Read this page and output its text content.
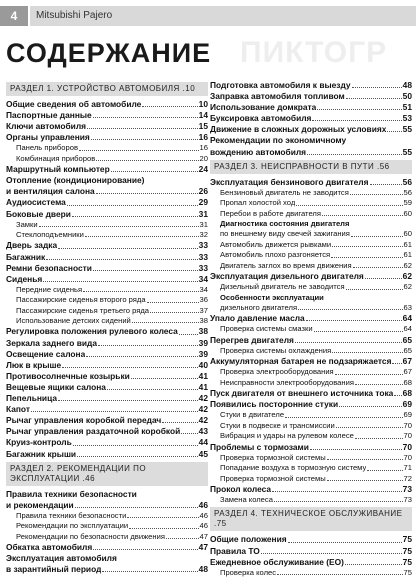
4	Mitsubishi Pajero
ПИКТОГР
СОДЕРЖАНИЕ
РАЗДЕЛ 1. УСТРОЙСТВО АВТОМОБИЛЯ .10
Общие сведения об автомобиле	10
Паспортные данные	14
Ключи автомобиля	15
Органы управления	16
Панель приборов	16
Комбинация приборов	20
Маршрутный компьютер	24
Отопление (кондиционирование)
и вентиляция салона	26
Аудиосистема	29
Боковые двери	31
Замки	31
Стеклоподъемники	32
Дверь задка	33
Багажник	33
Ремни безопасности	33
Сиденья	34
Передние сиденья	34
Пассажирские сиденья второго ряда	36
Пассажирские сиденья третьего ряда	37
Использование детских сидений	38
Регулировка положения рулевого колеса 38
Зеркала заднего вида	39
Освещение салона	39
Люк в крыше	40
Противосолнечные козырьки	41
Вещевые ящики салона	41
Пепельница	42
Капот	42
Рычаг управления коробкой передач	42
Рычаг управления раздаточной коробкой 43
Круиз-контроль	44
Багажник крыши	45
РАЗДЕЛ 2. РЕКОМЕНДАЦИИ ПО ЭКСПЛУАТАЦИИ .46
Правила техники безопасности
и рекомендации	46
Правила техники безопасности	46
Рекомендации по эксплуатации	46
Рекомендации по безопасности движения	47
Обкатка автомобиля	47
Эксплуатация автомобиля
в зарантийный период	48
Подготовка автомобиля к выезду	48
Заправка автомобиля топливом	50
Использование домкрата	51
Буксировка автомобиля	53
Движение в сложных дорожных условиях 55
Рекомендации по экономичному
вождению автомобиля	55
РАЗДЕЛ 3. НЕИСПРАВНОСТИ В ПУТИ .56
Эксплуатация бензинового двигателя	56
Бензиновый двигатель не заводится	56
Пропал холостой ход	59
Перебои в работе двигателя	60
Диагностика состояния двигателя
по внешнему виду свечей зажигания	60
Автомобиль движется рывками	61
Автомобиль плохо разгоняется	61
Двигатель заглох во время движения	62
Эксплуатация дизельного двигателя	62
Дизельный двигатель не заводится	62
Особенности эксплуатации
дизельного двигателя	63
Упало давление масла	64
Проверка системы смазки	64
Перегрев двигателя	65
Проверка системы охлаждения	65
Аккумуляторная батарея не подзаряжается 67
Проверка электрооборудования	67
Неисправности электрооборудования	68
Пуск двигателя от внешнего источника тока 68
Появились посторонние стуки	69
Стуки в двигателе	69
Стуки в подвеске и трансмиссии	70
Вибрация и удары на рулевом колесе	70
Проблемы с тормозами	70
Проверка тормозной системы	70
Попадание воздуха в тормозную систему	71
Проверка тормозной системы	72
Прокол колеса	73
Замена колеса	73
РАЗДЕЛ 4. ТЕХНИЧЕСКОЕ ОБСЛУЖИВАНИЕ .75
Общие положения	75
Правила ТО	75
Ежедневное обслуживание (ЕО)	75
Проверка колес	75
